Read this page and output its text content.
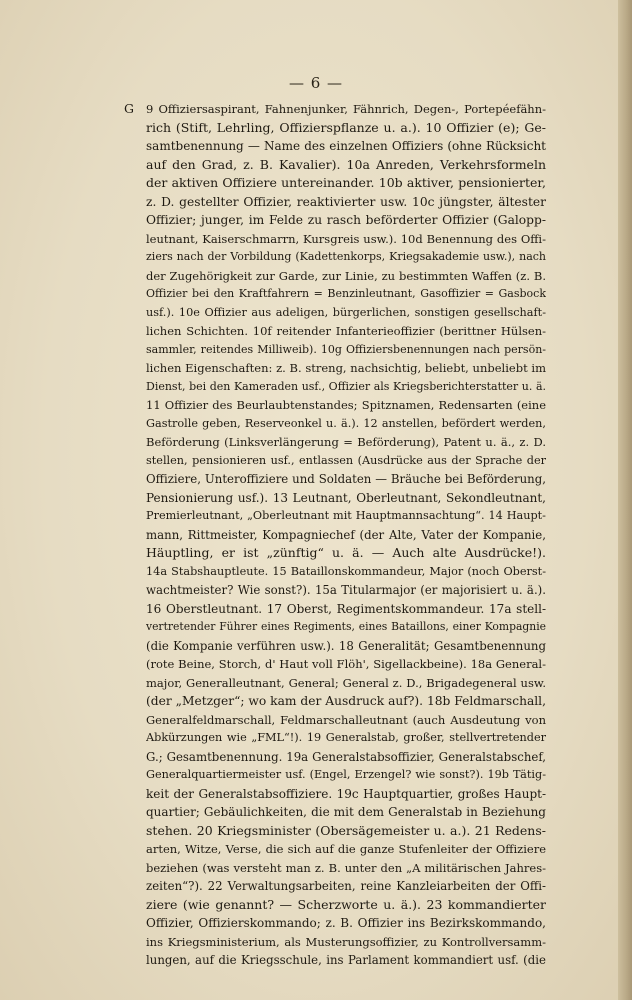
— 6 —
G 9 Offiziersaspirant, Fahnenjunker, Fähnrich, Degen-, Portepéefähn-
rich (Stift, Lehrling, Offizierspflanze u. a.). 10 Offizier (e); Ge-
samtbenennung — Name des einzelnen Offiziers (ohne Rücksicht
auf den Grad, z. B. Kavalier). 10a Anreden, Verkehrsformeln
der aktiven Offiziere untereinander. 10b aktiver, pensionierter,
z. D. gestellter Offizier, reaktivierter usw. 10c jüngster, ältester
Offizier; junger, im Felde zu rasch beförderter Offizier (Galopp-
leutnant, Kaiserschmarrn, Kursgreis usw.). 10d Benennung des Offi-
ziers nach der Vorbildung (Kadettenkorps, Kriegsakademie usw.), nach
der Zugehörigkeit zur Garde, zur Linie, zu bestimmten Waffen (z. B.
Offizier bei den Kraftfahrern = Benzinleutnant, Gasoffizier = Gasbock
usf.). 10e Offizier aus adeligen, bürgerlichen, sonstigen gesellschaft-
lichen Schichten. 10f reitender Infanterieoffizier (berittner Hülsen-
sammler, reitendes Milliweib). 10g Offiziersbenennungen nach persön-
lichen Eigenschaften: z. B. streng, nachsichtig, beliebt, unbeliebt im
Dienst, bei den Kameraden usf., Offizier als Kriegsberichterstatter u. ä.
11 Offizier des Beurlaubtenstandes; Spitznamen, Redensarten (eine
Gastrolle geben, Reserveonkel u. ä.). 12 anstellen, befördert werden,
Beförderung (Linksverlängerung = Beförderung), Patent u. ä., z. D.
stellen, pensionieren usf., entlassen (Ausdrücke aus der Sprache der
Offiziere, Unteroffiziere und Soldaten — Bräuche bei Beförderung,
Pensionierung usf.). 13 Leutnant, Oberleutnant, Sekondleutnant,
Premierleutnant, „Oberleutnant mit Hauptmannsachtung“. 14 Haupt-
mann, Rittmeister, Kompagniechef (der Alte, Vater der Kompanie,
Häuptling, er ist „zünftig“ u. ä. — Auch alte Ausdrücke!).
14a Stabshauptleute. 15 Bataillonskommandeur, Major (noch Oberst-
wachtmeister? Wie sonst?). 15a Titularmajor (er majorisiert u. ä.).
16 Oberstleutnant. 17 Oberst, Regimentskommandeur. 17a stell-
vertretender Führer eines Regiments, eines Bataillons, einer Kompagnie
(die Kompanie verführen usw.). 18 Generalität; Gesamtbenennung
(rote Beine, Storch, d' Haut voll Flöh', Sigellackbeine). 18a General-
major, Generalleutnant, General; General z. D., Brigadegeneral usw.
(der „Metzger“; wo kam der Ausdruck auf?). 18b Feldmarschall,
Generalfeldmarschall, Feldmarschalleutnant (auch Ausdeutung von
Abkürzungen wie „FML“!). 19 Generalstab, großer, stellvertretender
G.; Gesamtbenennung. 19a Generalstabsoffizier, Generalstabschef,
Generalquartiermeister usf. (Engel, Erzengel? wie sonst?). 19b Tätig-
keit der Generalstabsoffiziere. 19c Hauptquartier, großes Haupt-
quartier; Gebäulichkeiten, die mit dem Generalstab in Beziehung
stehen. 20 Kriegsminister (Obersägemeister u. a.). 21 Redens-
arten, Witze, Verse, die sich auf die ganze Stufenleiter der Offiziere
beziehen (was versteht man z. B. unter den „A militärischen Jahres-
zeiten“?). 22 Verwaltungsarbeiten, reine Kanzleiarbeiten der Offi-
ziere (wie genannt? — Scherzworte u. ä.). 23 kommandierter
Offizier, Offizierskommando; z. B. Offizier ins Bezirkskommando,
ins Kriegsministerium, als Musterungsoffizier, zu Kontrollversamm-
lungen, auf die Kriegsschule, ins Parlament kommandiert usf. (die
